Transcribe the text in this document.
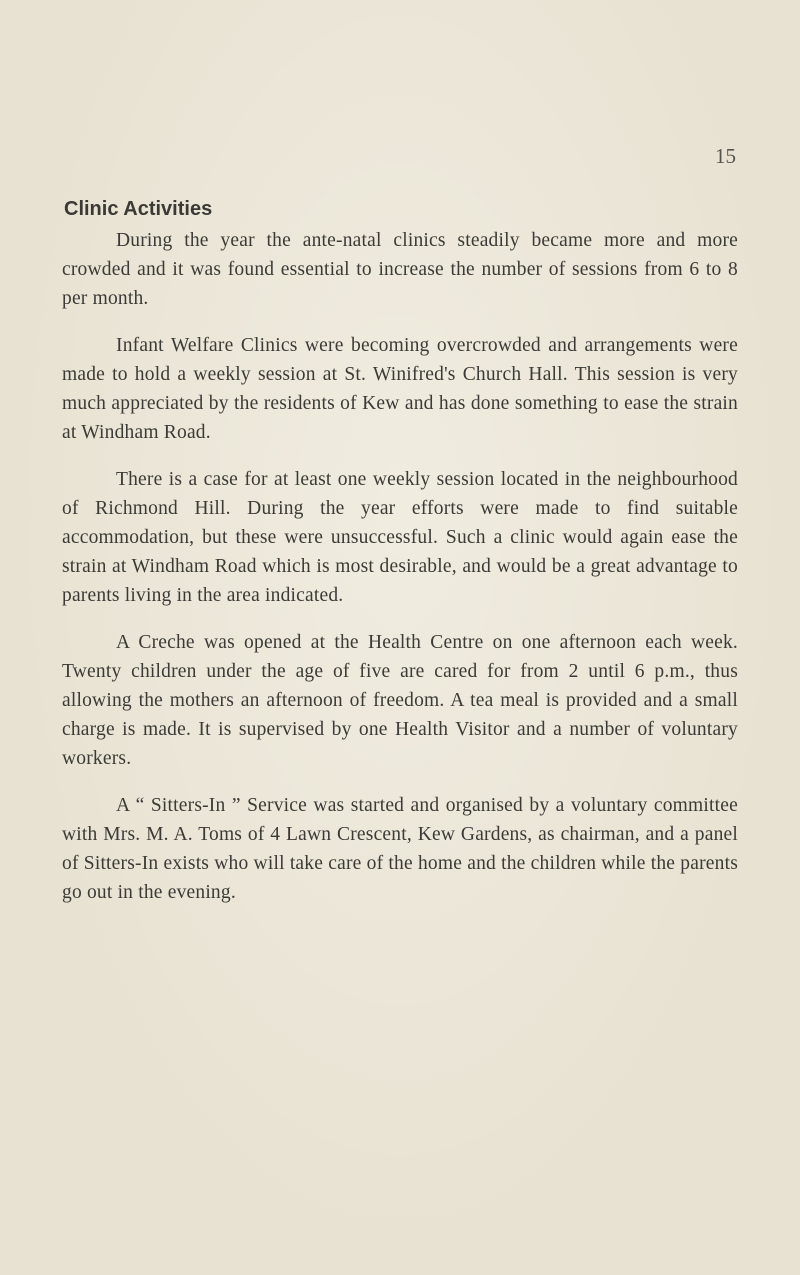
15
Clinic Activities

During the year the ante-natal clinics steadily became more and more crowded and it was found essential to increase the number of sessions from 6 to 8 per month.

Infant Welfare Clinics were becoming overcrowded and arrangements were made to hold a weekly session at St. Winifred's Church Hall. This session is very much appreciated by the residents of Kew and has done something to ease the strain at Windham Road.

There is a case for at least one weekly session located in the neighbourhood of Richmond Hill. During the year efforts were made to find suitable accommodation, but these were unsuccessful. Such a clinic would again ease the strain at Windham Road which is most desirable, and would be a great advantage to parents living in the area indicated.

A Creche was opened at the Health Centre on one afternoon each week. Twenty children under the age of five are cared for from 2 until 6 p.m., thus allowing the mothers an afternoon of freedom. A tea meal is provided and a small charge is made. It is supervised by one Health Visitor and a number of voluntary workers.

A “ Sitters-In ” Service was started and organised by a voluntary committee with Mrs. M. A. Toms of 4 Lawn Crescent, Kew Gardens, as chairman, and a panel of Sitters-In exists who will take care of the home and the children while the parents go out in the evening.
